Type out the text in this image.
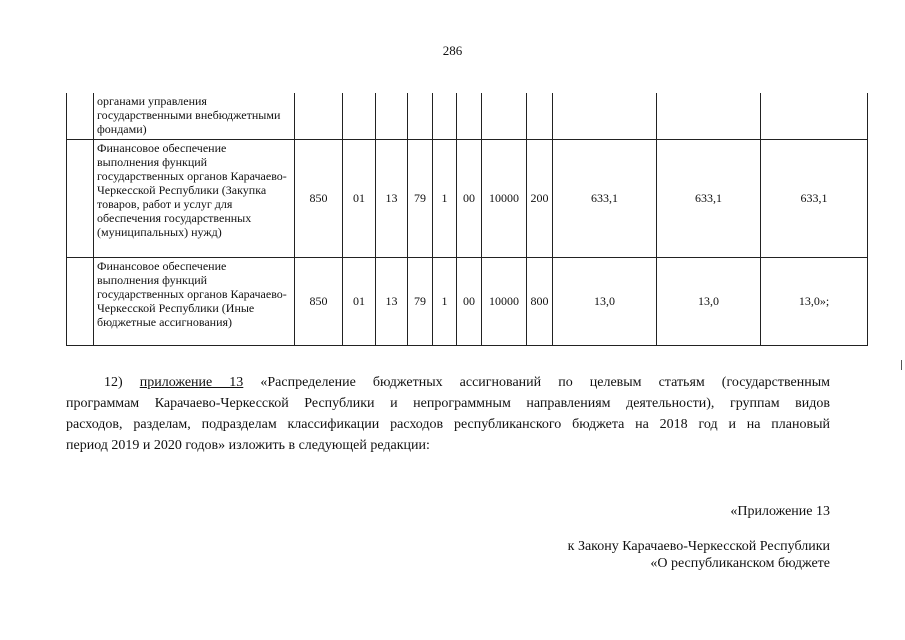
286
	органами управления государственными внебюджетными фондами)											
	Финансовое обеспечение выполнения функций государственных органов Карачаево-Черкесской Республики (Закупка товаров, работ и услуг для обеспечения государственных (муниципальных) нужд)	850	01	13	79	1	00	10000	200	633,1	633,1	633,1
	Финансовое обеспечение выполнения функций государственных органов Карачаево-Черкесской Республики (Иные бюджетные ассигнования)	850	01	13	79	1	00	10000	800	13,0	13,0	13,0»;
12) приложение 13 «Распределение бюджетных ассигнований по целевым статьям (государственным
программам Карачаево-Черкесской Республики и непрограммным направлениям деятельности), группам видов
расходов, разделам, подразделам классификации расходов республиканского бюджета на 2018 год и на плановый
период 2019 и 2020 годов» изложить в следующей редакции:
«Приложение 13
к Закону Карачаево-Черкесской Республики
«О республиканском бюджете
